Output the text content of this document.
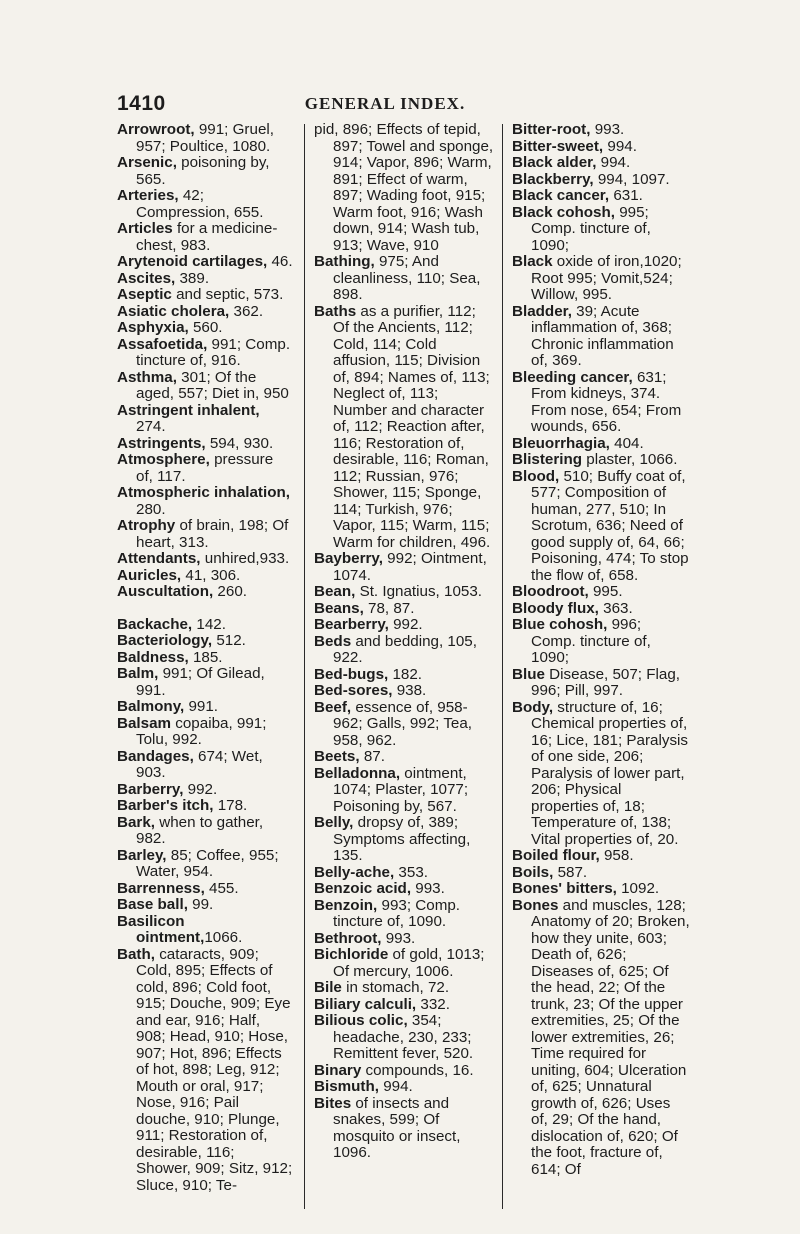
1410	GENERAL INDEX.

Arrowroot, 991; Gruel, 957; Poultice, 1080.

Arsenic, poisoning by, 565.

Arteries, 42; Compression, 655.

Articles for a medicine-chest, 983.

Arytenoid cartilages, 46.

Ascites, 389.

Aseptic and septic, 573.

Asiatic cholera, 362.

Asphyxia, 560.

Assafoetida, 991; Comp. tincture of, 916.

Asthma, 301; Of the aged, 557; Diet in, 950

Astringent inhalent, 274.

Astringents, 594, 930.

Atmosphere, pressure of, 117.

Atmospheric inhalation, 280.

Atrophy of brain, 198; Of heart, 313.

Attendants, unhired,933.

Auricles, 41, 306.

Auscultation, 260.

Backache, 142.

Bacteriology, 512.

Baldness, 185.

Balm, 991; Of Gilead, 991.

Balmony, 991.

Balsam copaiba, 991; Tolu, 992.

Bandages, 674; Wet, 903.

Barberry, 992.

Barber's itch, 178.

Bark, when to gather, 982.

Barley, 85; Coffee, 955; Water, 954.

Barrenness, 455.

Base ball, 99.

Basilicon ointment,1066.

Bath, cataracts, 909; Cold, 895; Effects of cold, 896; Cold foot, 915; Douche, 909; Eye and ear, 916; Half, 908; Head, 910; Hose, 907; Hot, 896; Effects of hot, 898; Leg, 912; Mouth or oral, 917; Nose, 916; Pail douche, 910; Plunge, 911; Restoration of, desirable, 116; Shower, 909; Sitz, 912; Sluce, 910; Te-

pid, 896; Effects of tepid, 897; Towel and sponge, 914; Vapor, 896; Warm, 891; Effect of warm, 897; Wading foot, 915; Warm foot, 916; Wash down, 914; Wash tub, 913; Wave, 910

Bathing, 975; And cleanliness, 110; Sea, 898.

Baths as a purifier, 112; Of the Ancients, 112; Cold, 114; Cold affusion, 115; Division of, 894; Names of, 113; Neglect of, 113; Number and character of, 112; Reaction after, 116; Restoration of, desirable, 116; Roman, 112; Russian, 976; Shower, 115; Sponge, 114; Turkish, 976; Vapor, 115; Warm, 115; Warm for children, 496.

Bayberry, 992; Ointment, 1074.

Bean, St. Ignatius, 1053.

Beans, 78, 87.

Bearberry, 992.

Beds and bedding, 105, 922.

Bed-bugs, 182.

Bed-sores, 938.

Beef, essence of, 958-962; Galls, 992; Tea, 958, 962.

Beets, 87.

Belladonna, ointment, 1074; Plaster, 1077; Poisoning by, 567.

Belly, dropsy of, 389; Symptoms affecting, 135.

Belly-ache, 353.

Benzoic acid, 993.

Benzoin, 993; Comp. tincture of, 1090.

Bethroot, 993.

Bichloride of gold, 1013; Of mercury, 1006.

Bile in stomach, 72.

Biliary calculi, 332.

Bilious colic, 354; headache, 230, 233; Remittent fever, 520.

Binary compounds, 16.

Bismuth, 994.

Bites of insects and snakes, 599; Of mosquito or insect, 1096.

Bitter-root, 993.

Bitter-sweet, 994.

Black alder, 994.

Blackberry, 994, 1097.

Black cancer, 631.

Black cohosh, 995; Comp. tincture of, 1090;

Black oxide of iron,1020; Root 995; Vomit,524; Willow, 995.

Bladder, 39; Acute inflammation of, 368; Chronic inflammation of, 369.

Bleeding cancer, 631; From kidneys, 374. From nose, 654; From wounds, 656.

Bleuorrhagia, 404.

Blistering plaster, 1066.

Blood, 510; Buffy coat of, 577; Composition of human, 277, 510; In Scrotum, 636; Need of good supply of, 64, 66; Poisoning, 474; To stop the flow of, 658.

Bloodroot, 995.

Bloody flux, 363.

Blue cohosh, 996; Comp. tincture of, 1090;

Blue Disease, 507; Flag, 996; Pill, 997.

Body, structure of, 16; Chemical properties of, 16; Lice, 181; Paralysis of one side, 206; Paralysis of lower part, 206; Physical properties of, 18; Temperature of, 138; Vital properties of, 20.

Boiled flour, 958.

Boils, 587.

Bones' bitters, 1092.

Bones and muscles, 128; Anatomy of 20; Broken, how they unite, 603; Death of, 626; Diseases of, 625; Of the head, 22; Of the trunk, 23; Of the upper extremities, 25; Of the lower extremities, 26; Time required for uniting, 604; Ulceration of, 625; Unnatural growth of, 626; Uses of, 29; Of the hand, dislocation of, 620; Of the foot, fracture of, 614; Of
